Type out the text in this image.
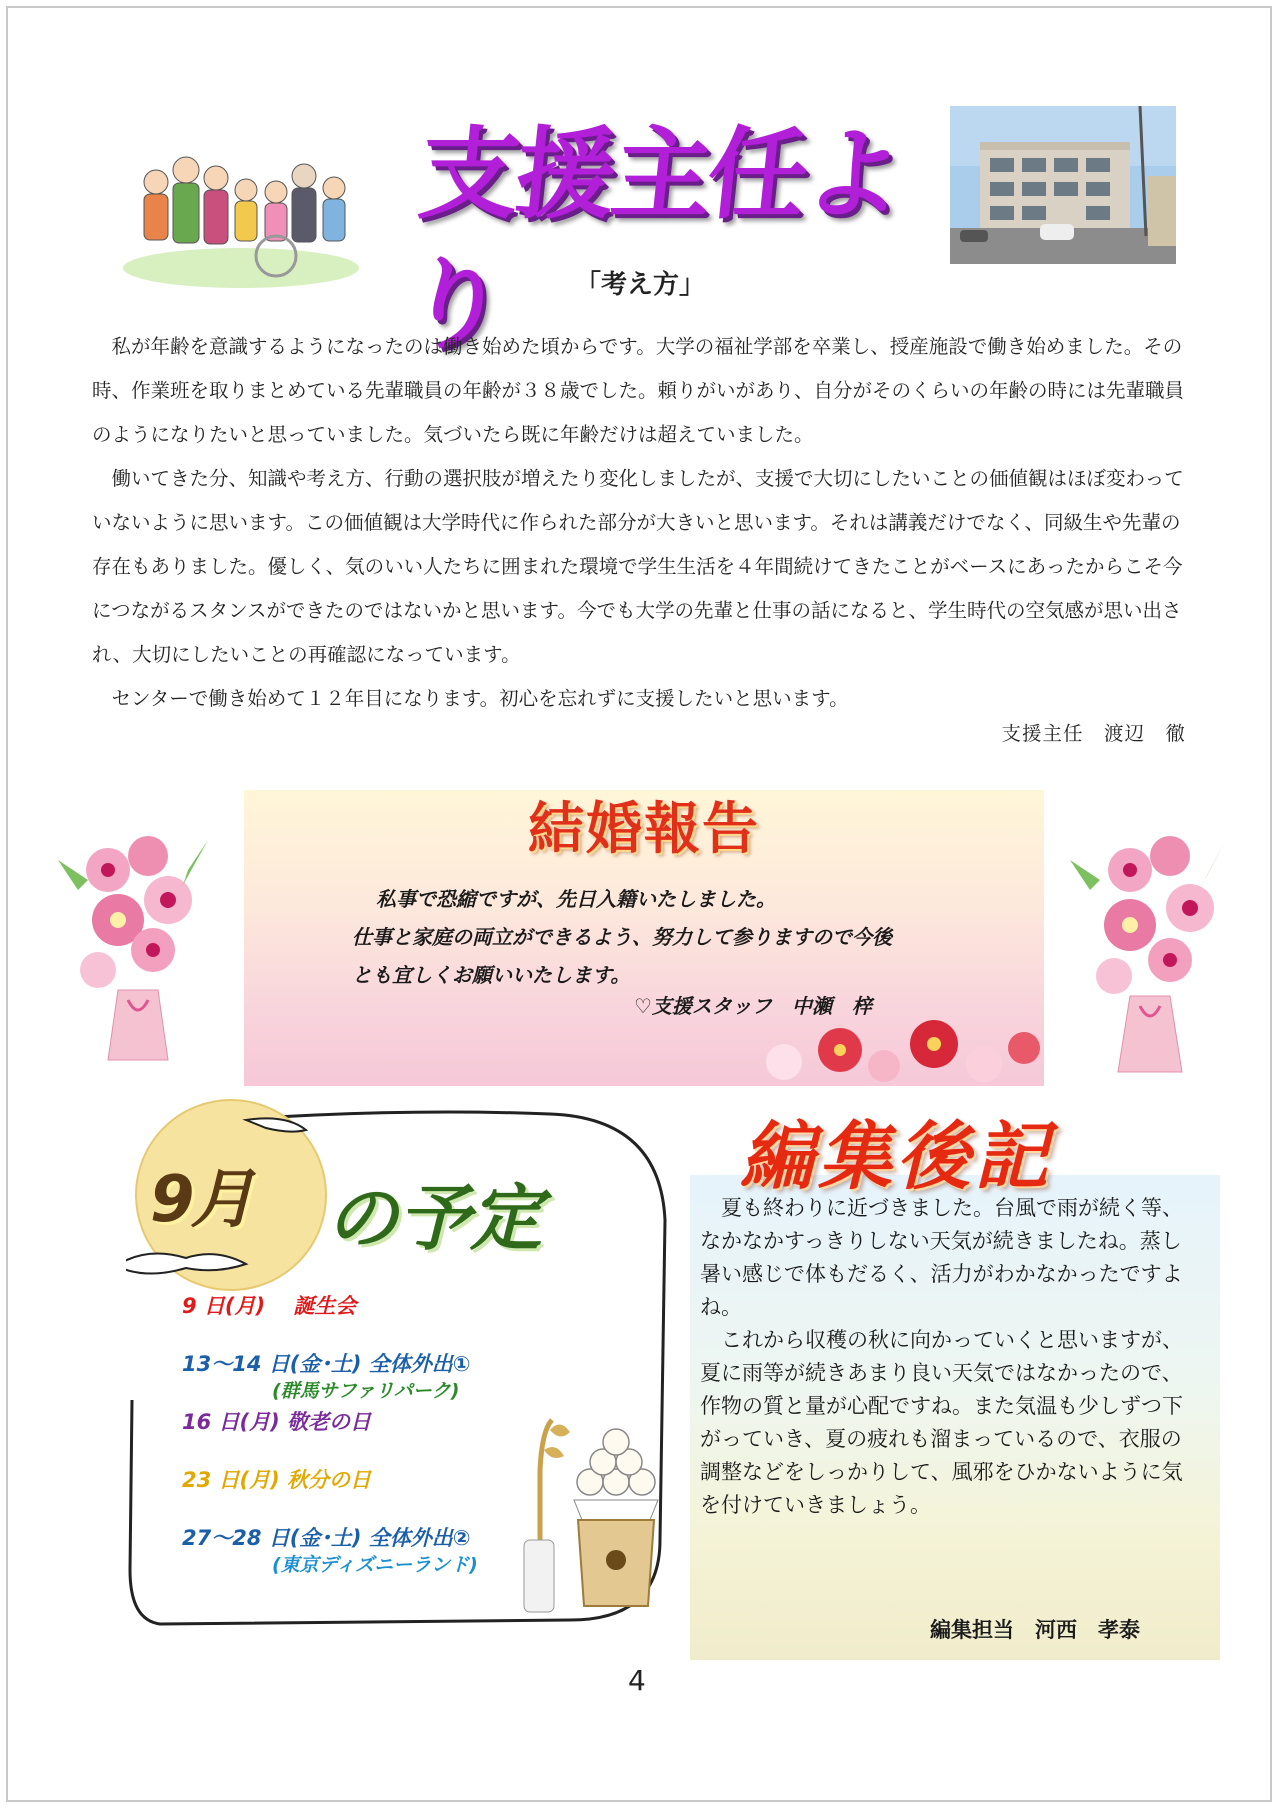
支援主任より	「考え方」

私が年齢を意識するようになったのは働き始めた頃からです。大学の福祉学部を卒業し、授産施設で働き始めました。その時、作業班を取りまとめている先輩職員の年齢が３８歳でした。頼りがいがあり、自分がそのくらいの年齢の時には先輩職員のようになりたいと思っていました。気づいたら既に年齢だけは超えていました。

働いてきた分、知識や考え方、行動の選択肢が増えたり変化しましたが、支援で大切にしたいことの価値観はほぼ変わっていないように思います。この価値観は大学時代に作られた部分が大きいと思います。それは講義だけでなく、同級生や先輩の存在もありました。優しく、気のいい人たちに囲まれた環境で学生生活を４年間続けてきたことがベースにあったからこそ今につながるスタンスができたのではないかと思います。今でも大学の先輩と仕事の話になると、学生時代の空気感が思い出され、大切にしたいことの再確認になっています。

センターで働き始めて１２年目になります。初心を忘れずに支援したいと思います。

支援主任　渡辺　徹
結婚報告
私事で恐縮ですが、先日入籍いたしました。
仕事と家庭の両立ができるよう、努力して参りますので今後
とも宜しくお願いいたします。
♡支援スタッフ　中瀬　梓
9月 の予定
9 日(月)　 誕生会
13～14 日(金･土) 全体外出①
(群馬サファリパーク)
16 日(月) 敬老の日
23 日(月) 秋分の日
27～28 日(金･土) 全体外出②
(東京ディズニーランド)
編集後記

夏も終わりに近づきました。台風で雨が続く等、なかなかすっきりしない天気が続きましたね。蒸し暑い感じで体もだるく、活力がわかなかったですよね。

これから収穫の秋に向かっていくと思いますが、夏に雨等が続きあまり良い天気ではなかったので、作物の質と量が心配ですね。また気温も少しずつ下がっていき、夏の疲れも溜まっているので、衣服の調整などをしっかりして、風邪をひかないように気を付けていきましょう。

編集担当　河西　孝泰
4
